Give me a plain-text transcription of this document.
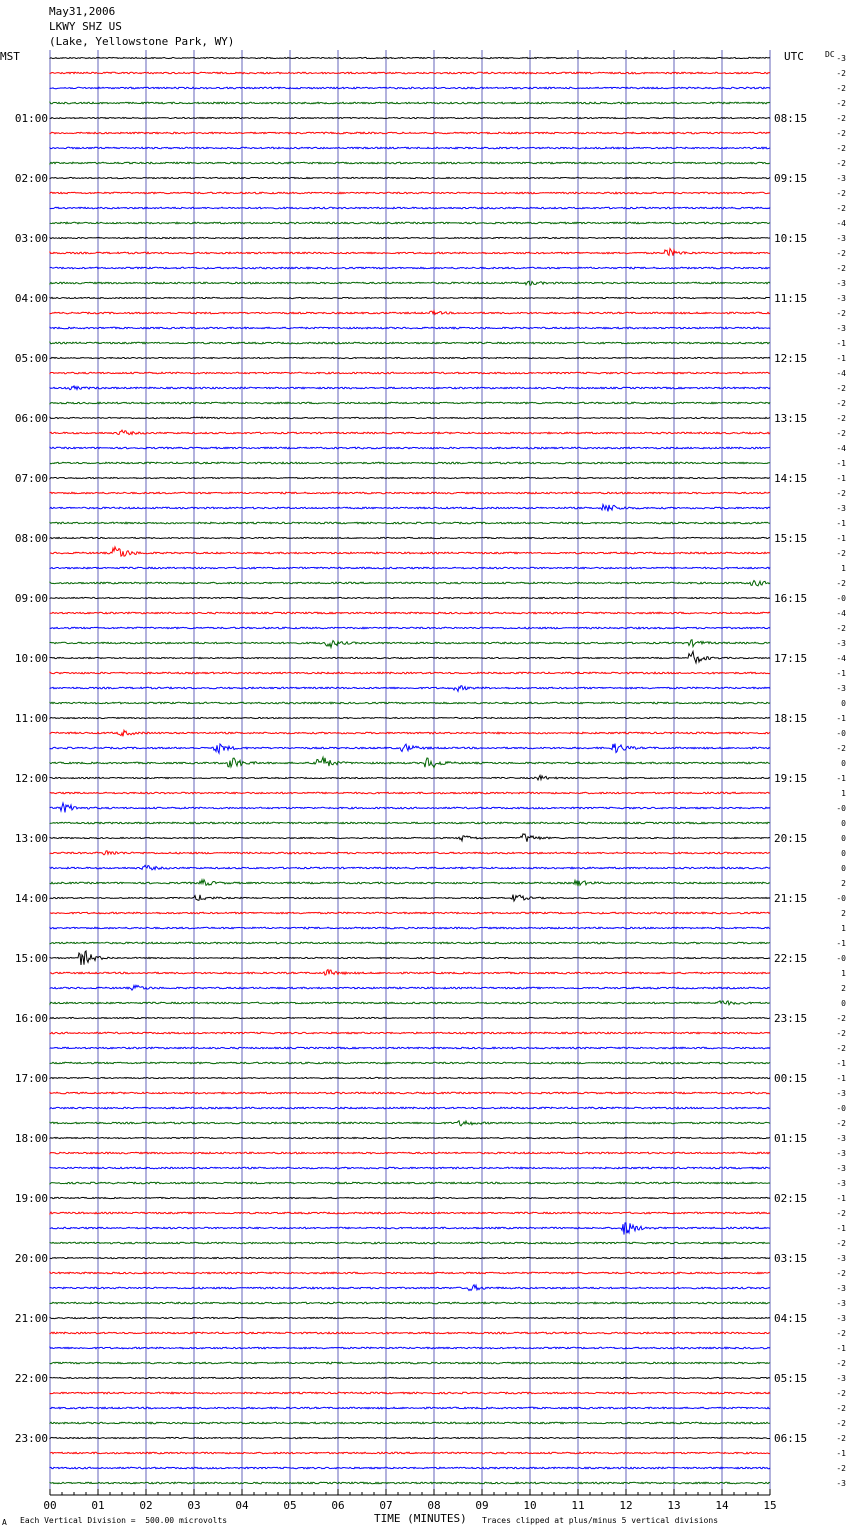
-3
-2
-2
-2
-2
-2
-2
-2
-3
-2
-2
-4
-3
-2
-2
-3
-3
-2
-3
-1
-1
-4
-2
-2
-2
-2
-4
-1
-1
-2
-3
-1
-1
-2
1
-2
-0
-4
-2
-3
-4
-1
-3
0
-1
-0
-2
0
-1
1
-0
0
0
0
0
2
-0
2
1
-1
-0
1
2
0
-2
-2
-2
-1
-1
-3
-0
-2
-3
-3
-3
-3
-1
-2
-1
-2
-3
-2
-3
-3
-3
-2
-1
-2
-3
-2
-2
-2
-2
-1
-2
-3
01:00
02:00
03:00
04:00
05:00
06:00
07:00
08:00
09:00
10:00
11:00
12:00
13:00
14:00
15:00
16:00
17:00
18:00
19:00
20:00
21:00
22:00
23:00
08:15
09:15
10:15
11:15
12:15
13:15
14:15
15:15
16:15
17:15
18:15
19:15
20:15
21:15
22:15
23:15
00:15
01:15
02:15
03:15
04:15
05:15
06:15
00	01	02	03	04	05	06	07	08	09	10	11	12	13	14	15
May31,2006
LKWY SHZ US
(Lake, Yellowstone Park, WY)
MST	UTC	DC
A Each Vertical Division =  500.00 microvolts	TIME (MINUTES) Traces clipped at plus/minus 5 vertical divisions
